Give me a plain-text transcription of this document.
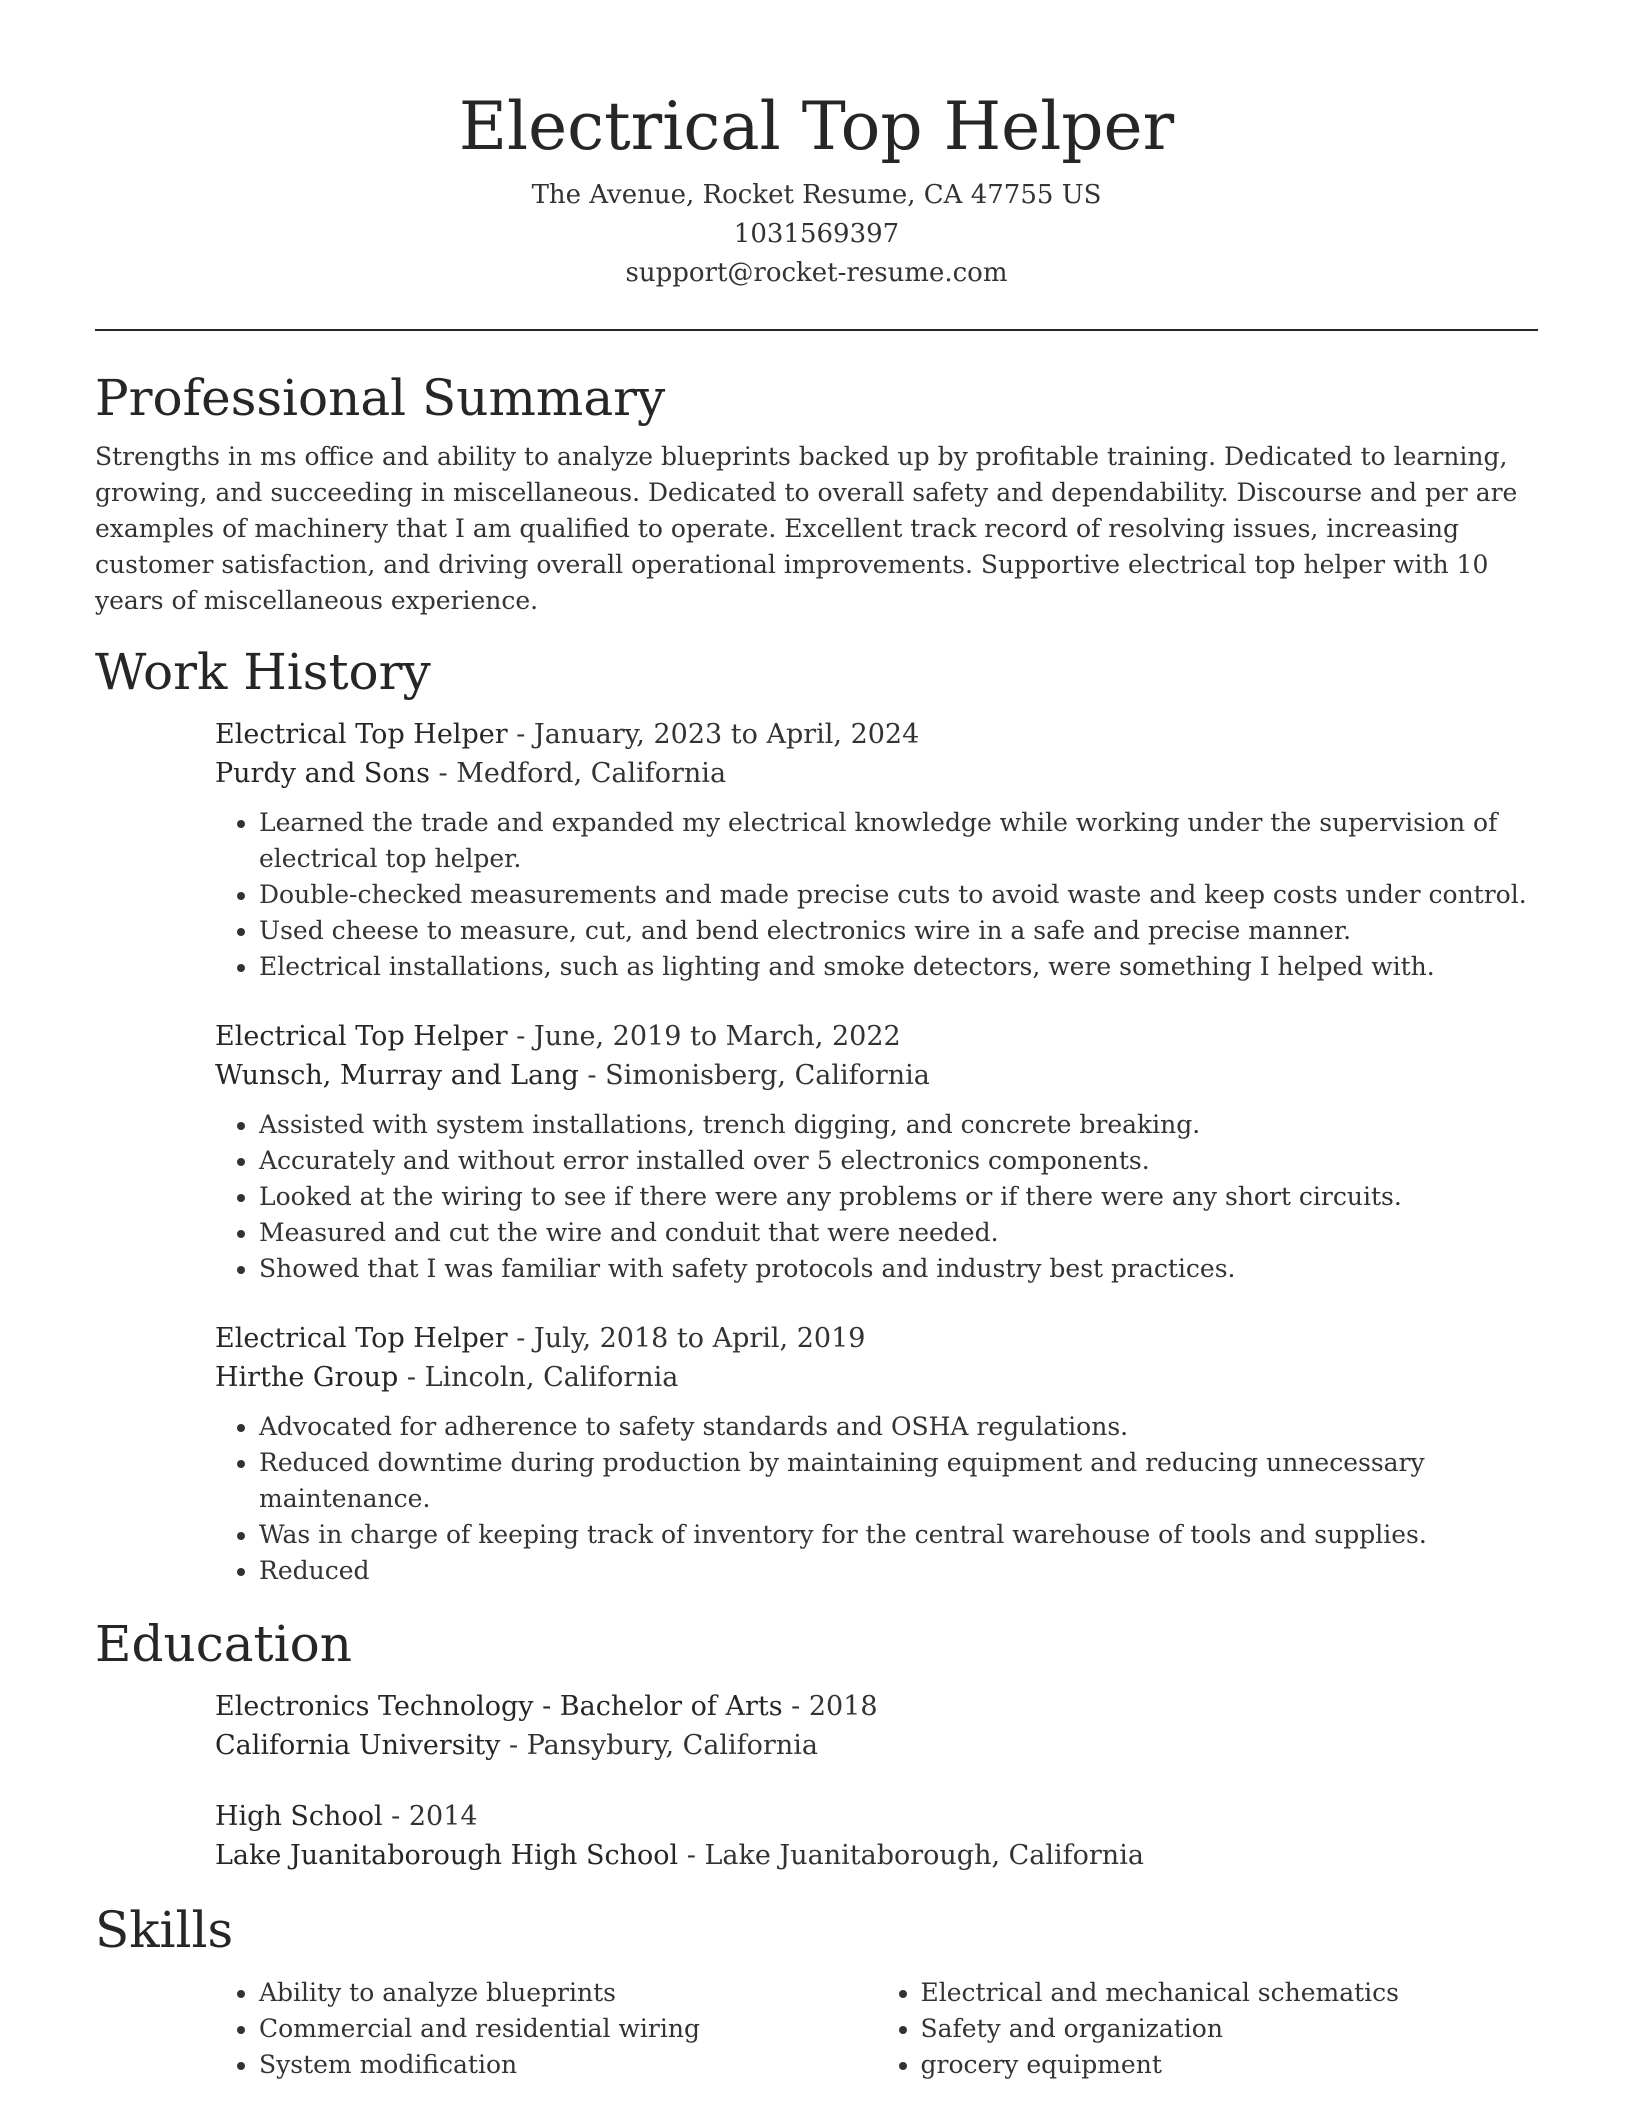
Electrical Top Helper
The Avenue, Rocket Resume, CA 47755 US
1031569397
support@rocket-resume.com
Professional Summary

Strengths in ms office and ability to analyze blueprints backed up by profitable training. Dedicated to learning, growing, and succeeding in miscellaneous. Dedicated to overall safety and dependability. Discourse and per are examples of machinery that I am qualified to operate. Excellent track record of resolving issues, increasing customer satisfaction, and driving overall operational improvements. Supportive electrical top helper with 10 years of miscellaneous experience.

Work History
Electrical Top Helper - January, 2023 to April, 2024
Purdy and Sons - Medford, California
• Learned the trade and expanded my electrical knowledge while working under the supervision of electrical top helper.
• Double-checked measurements and made precise cuts to avoid waste and keep costs under control.
• Used cheese to measure, cut, and bend electronics wire in a safe and precise manner.
• Electrical installations, such as lighting and smoke detectors, were something I helped with.
Electrical Top Helper - June, 2019 to March, 2022
Wunsch, Murray and Lang - Simonisberg, California
• Assisted with system installations, trench digging, and concrete breaking.
• Accurately and without error installed over 5 electronics components.
• Looked at the wiring to see if there were any problems or if there were any short circuits.
• Measured and cut the wire and conduit that were needed.
• Showed that I was familiar with safety protocols and industry best practices.
Electrical Top Helper - July, 2018 to April, 2019
Hirthe Group - Lincoln, California
• Advocated for adherence to safety standards and OSHA regulations.
• Reduced downtime during production by maintaining equipment and reducing unnecessary maintenance.
• Was in charge of keeping track of inventory for the central warehouse of tools and supplies.
• Reduced
Education
Electronics Technology - Bachelor of Arts - 2018
California University - Pansybury, California
High School - 2014
Lake Juanitaborough High School - Lake Juanitaborough, California
Skills
• Ability to analyze blueprints
• Commercial and residential wiring
• System modification
• Electrical and mechanical schematics
• Safety and organization
• grocery equipment
